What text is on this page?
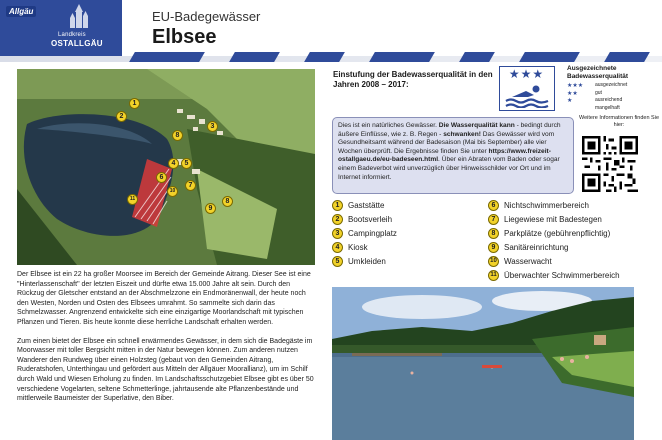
Allgäu
Landkreis
OSTALLGÄU
EU-Badegewässer
Elbsee
1
2
3
8
4	5
6
7
10
8
9
11

Der Elbsee ist ein 22 ha großer Moorsee im Bereich der Gemeinde Aitrang. Dieser See ist eine "Hinterlassenschaft" der letzten Eiszeit und dürfte etwa 15.000 Jahre alt sein. Durch den Rückzug der Gletscher entstand an der Abschmelzzone ein Endmoränenwall, der heute noch den Westen, Norden und Osten des Elbsees umrahmt. So sammelte sich darin das Schmelzwasser. Angrenzend entwickelte sich eine einzigartige Moorlandschaft mit typischen Pflanzen und Tieren. Bis heute konnte diese herrliche Landschaft erhalten werden.

Zum einen bietet der Elbsee ein schnell erwärmendes Gewässer, in dem sich die Badegäste im Moorwasser mit toller Bergsicht mitten in der Natur bewegen können. Zum anderen nutzen Wanderer den Rundweg über einen Holzsteg (gebaut von den Gemeinden Aitrang, Ruderatshofen, Unterthingau und gefördert aus Mitteln der Allgäuer Moorallianz), um im Schilf durch Wald und Wiesen Erholung zu finden. Im Landschaftsschutzgebiet Elbsee gibt es über 50 verschiedene Vogelarten, seltene Schmetterlinge, jahrtausende alte Pflanzenbestände und mittlerweile Baumeister der Superlative, den Biber.

Einstufung der Badewasserqualität in den Jahren 2008 – 2017:
★★★	Ausgezeichnete Badewasserqualität
★★★	ausgezeichnet
★★	gut
★	ausreichend
mangelhaft
Dies ist ein natürliches Gewässer. Die Wasserqualität kann - bedingt durch äußere Einflüsse, wie z. B. Regen - schwanken! Das Gewässer wird vom Gesundheitsamt während der Badesaison (Mai bis September) alle vier Wochen überprüft. Die Ergebnisse finden Sie unter https://www.freizeit-ostallgaeu.de/eu-badeseen.html. Über ein Abraten vom Baden oder sogar einem Badeverbot wird unverzüglich über Hinweisschilder vor Ort und im Internet informiert.
Weitere Informationen finden Sie hier:
1 Gaststätte
2 Bootsverleih
3 Campingplatz
4 Kiosk
5 Umkleiden
6 Nichtschwimmerbereich
7 Liegewiese mit Badestegen
8 Parkplätze (gebührenpflichtig)
9 Sanitäreinrichtung
10 Wasserwacht
11 Überwachter Schwimmerbereich
